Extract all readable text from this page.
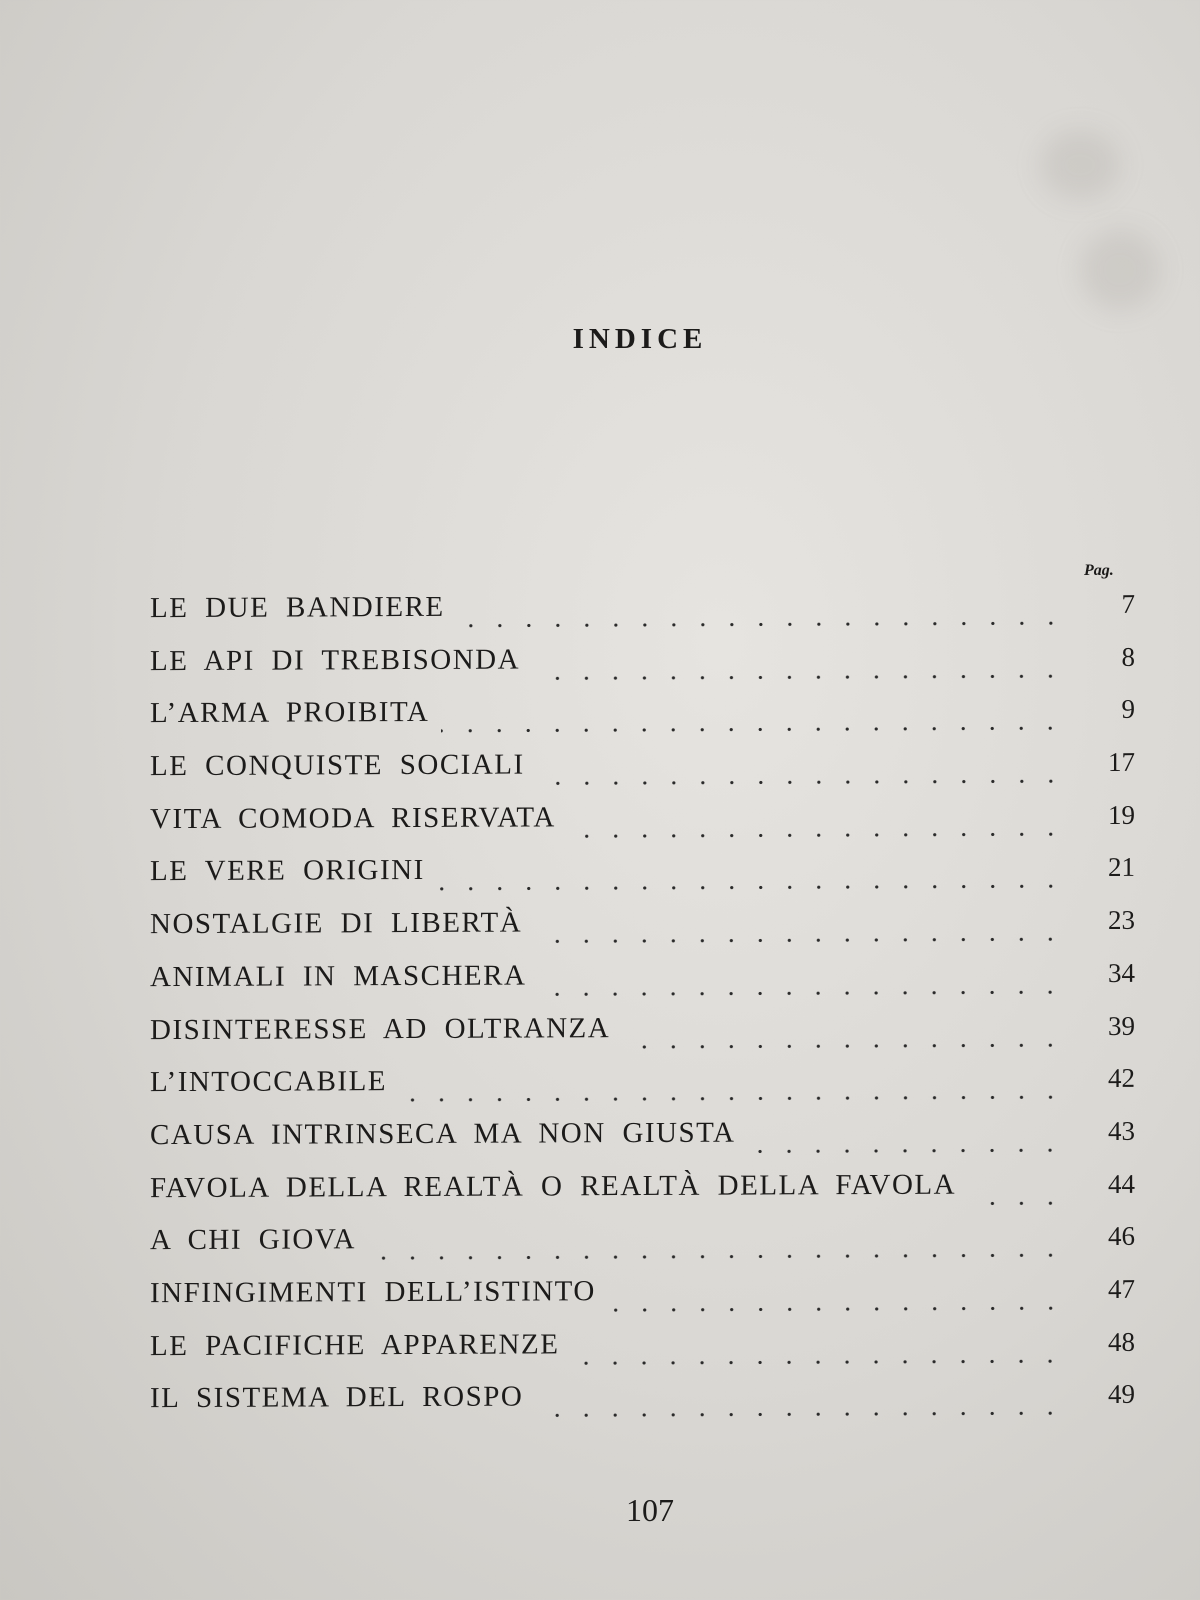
INDICE
Pag.
LE DUE BANDIERE	7
LE API DI TREBISONDA	8
L’ARMA PROIBITA	9
LE CONQUISTE SOCIALI	17
VITA COMODA RISERVATA	19
LE VERE ORIGINI	21
NOSTALGIE DI LIBERTÀ	23
ANIMALI IN MASCHERA	34
DISINTERESSE AD OLTRANZA	39
L’INTOCCABILE	42
CAUSA INTRINSECA MA NON GIUSTA	43
FAVOLA DELLA REALTÀ O REALTÀ DELLA FAVOLA	44
A CHI GIOVA	46
INFINGIMENTI DELL’ISTINTO	47
LE PACIFICHE APPARENZE	48
IL SISTEMA DEL ROSPO	49
107
